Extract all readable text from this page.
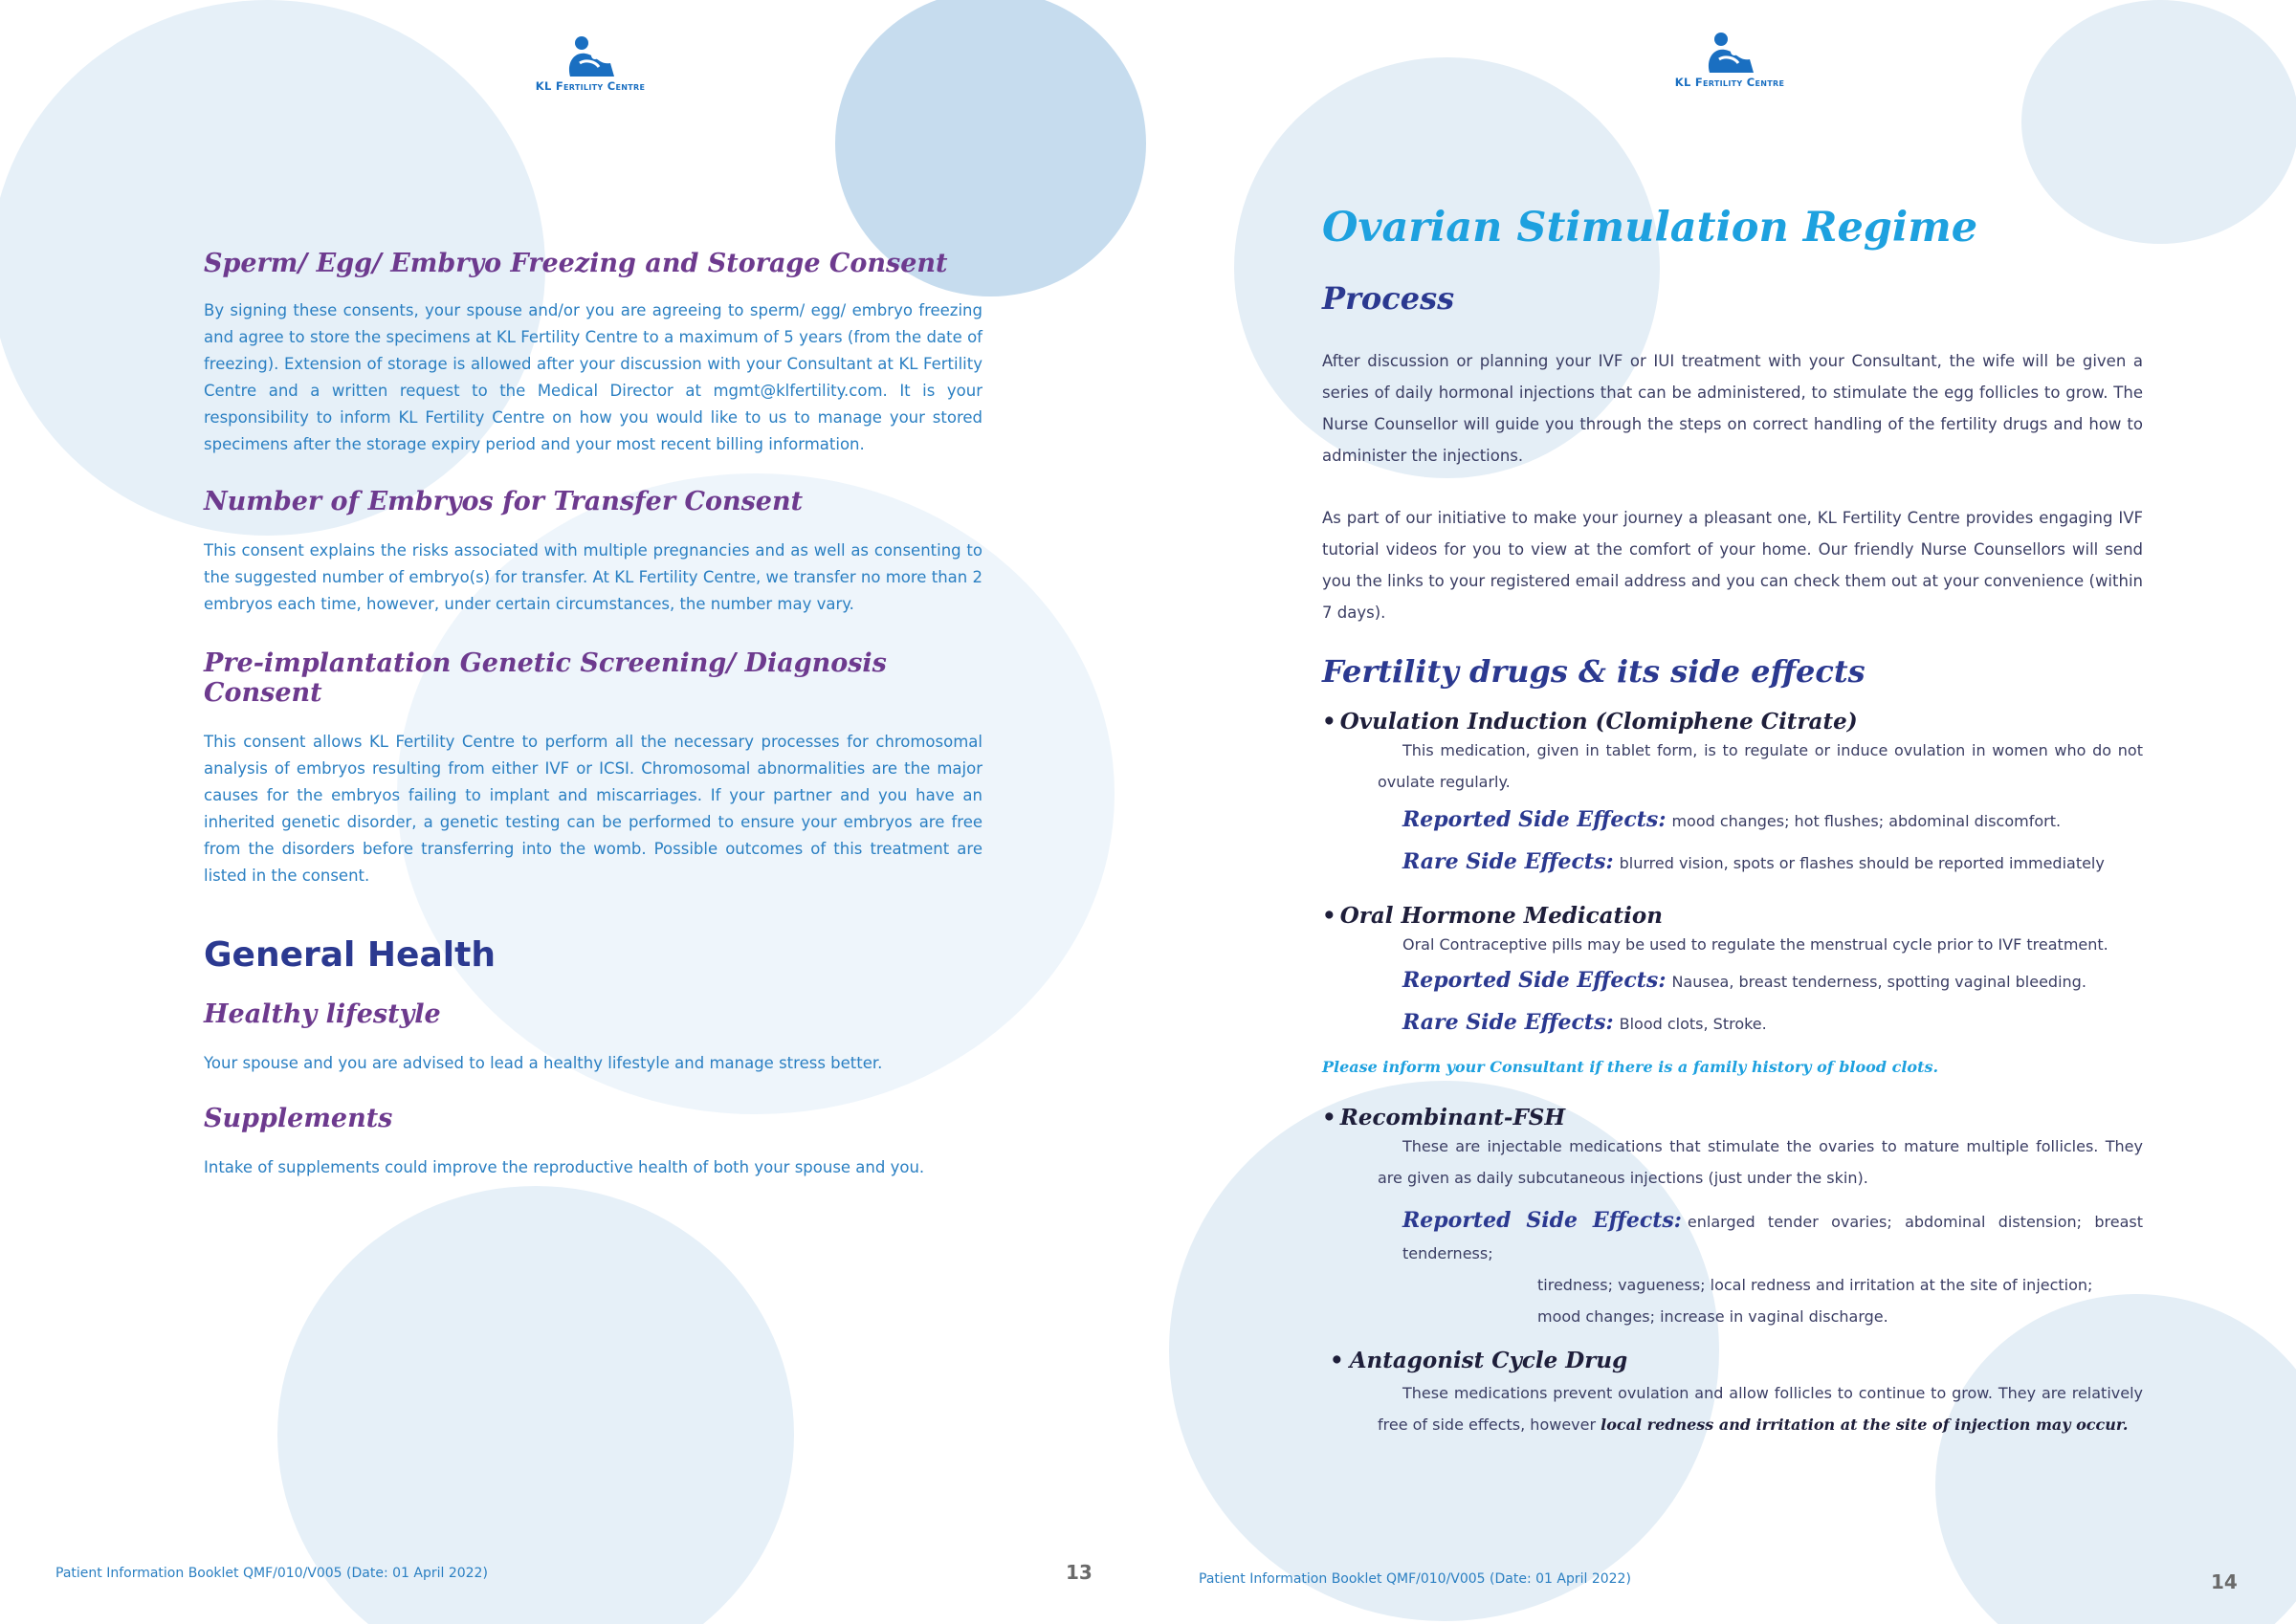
KL Fertility Centre
Sperm/ Egg/ Embryo Freezing and Storage Consent

By signing these consents, your spouse and/or you are agreeing to sperm/ egg/ embryo freezing and agree to store the specimens at KL Fertility Centre to a maximum of 5 years (from the date of freezing). Extension of storage is allowed after your discussion with your Consultant at KL Fertility Centre and a written request to the Medical Director at mgmt@klfertility.com. It is your responsibility to inform KL Fertility Centre on how you would like to us to manage your stored specimens after the storage expiry period and your most recent billing information.

Number of Embryos for Transfer Consent

This consent explains the risks associated with multiple pregnancies and as well as consenting to the suggested number of embryo(s) for transfer. At KL Fertility Centre, we transfer no more than 2 embryos each time, however, under certain circumstances, the number may vary.

Pre-implantation Genetic Screening/ Diagnosis Consent

This consent allows KL Fertility Centre to perform all the necessary processes for chromosomal analysis of embryos resulting from either IVF or ICSI. Chromosomal abnormalities are the major causes for the embryos failing to implant and miscarriages. If your partner and you have an inherited genetic disorder, a genetic testing can be performed to ensure your embryos are free from the disorders before transferring into the womb. Possible outcomes of this treatment are listed in the consent.

General Health
Healthy lifestyle

Your spouse and you are advised to lead a healthy lifestyle and manage stress better.

Supplements

Intake of supplements could improve the reproductive health of both your spouse and you.

Patient Information Booklet QMF/010/V005 (Date: 01 April 2022)	13
KL Fertility Centre
Ovarian Stimulation Regime
Process

After discussion or planning your IVF or IUI treatment with your Consultant, the wife will be given a series of daily hormonal injections that can be administered, to stimulate the egg follicles to grow. The Nurse Counsellor will guide you through the steps on correct handling of the fertility drugs and how to administer the injections.

As part of our initiative to make your journey a pleasant one, KL Fertility Centre provides engaging IVF tutorial videos for you to view at the comfort of your home. Our friendly Nurse Counsellors will send you the links to your registered email address and you can check them out at your convenience (within 7 days).

Fertility drugs & its side effects
• Ovulation Induction (Clomiphene Citrate)

This medication, given in tablet form, is to regulate or induce ovulation in women who do not ovulate regularly.

Reported Side Effects: mood changes; hot flushes; abdominal discomfort.
Rare Side Effects: blurred vision, spots or flashes should be reported immediately
• Oral Hormone Medication

Oral Contraceptive pills may be used to regulate the menstrual cycle prior to IVF treatment.

Reported Side Effects: Nausea, breast tenderness, spotting vaginal bleeding.
Rare Side Effects: Blood clots, Stroke.
Please inform your Consultant if there is a family history of blood clots.
• Recombinant-FSH

These are injectable medications that stimulate the ovaries to mature multiple follicles. They are given as daily subcutaneous injections (just under the skin).

Reported Side Effects: enlarged tender ovaries; abdominal distension; breast tenderness;
tiredness; vagueness; local redness and irritation at the site of injection;
mood changes; increase in vaginal discharge.
• Antagonist Cycle Drug

These medications prevent ovulation and allow follicles to continue to grow. They are relatively free of side effects, however local redness and irritation at the site of injection may occur.

Patient Information Booklet QMF/010/V005 (Date: 01 April 2022)	14
